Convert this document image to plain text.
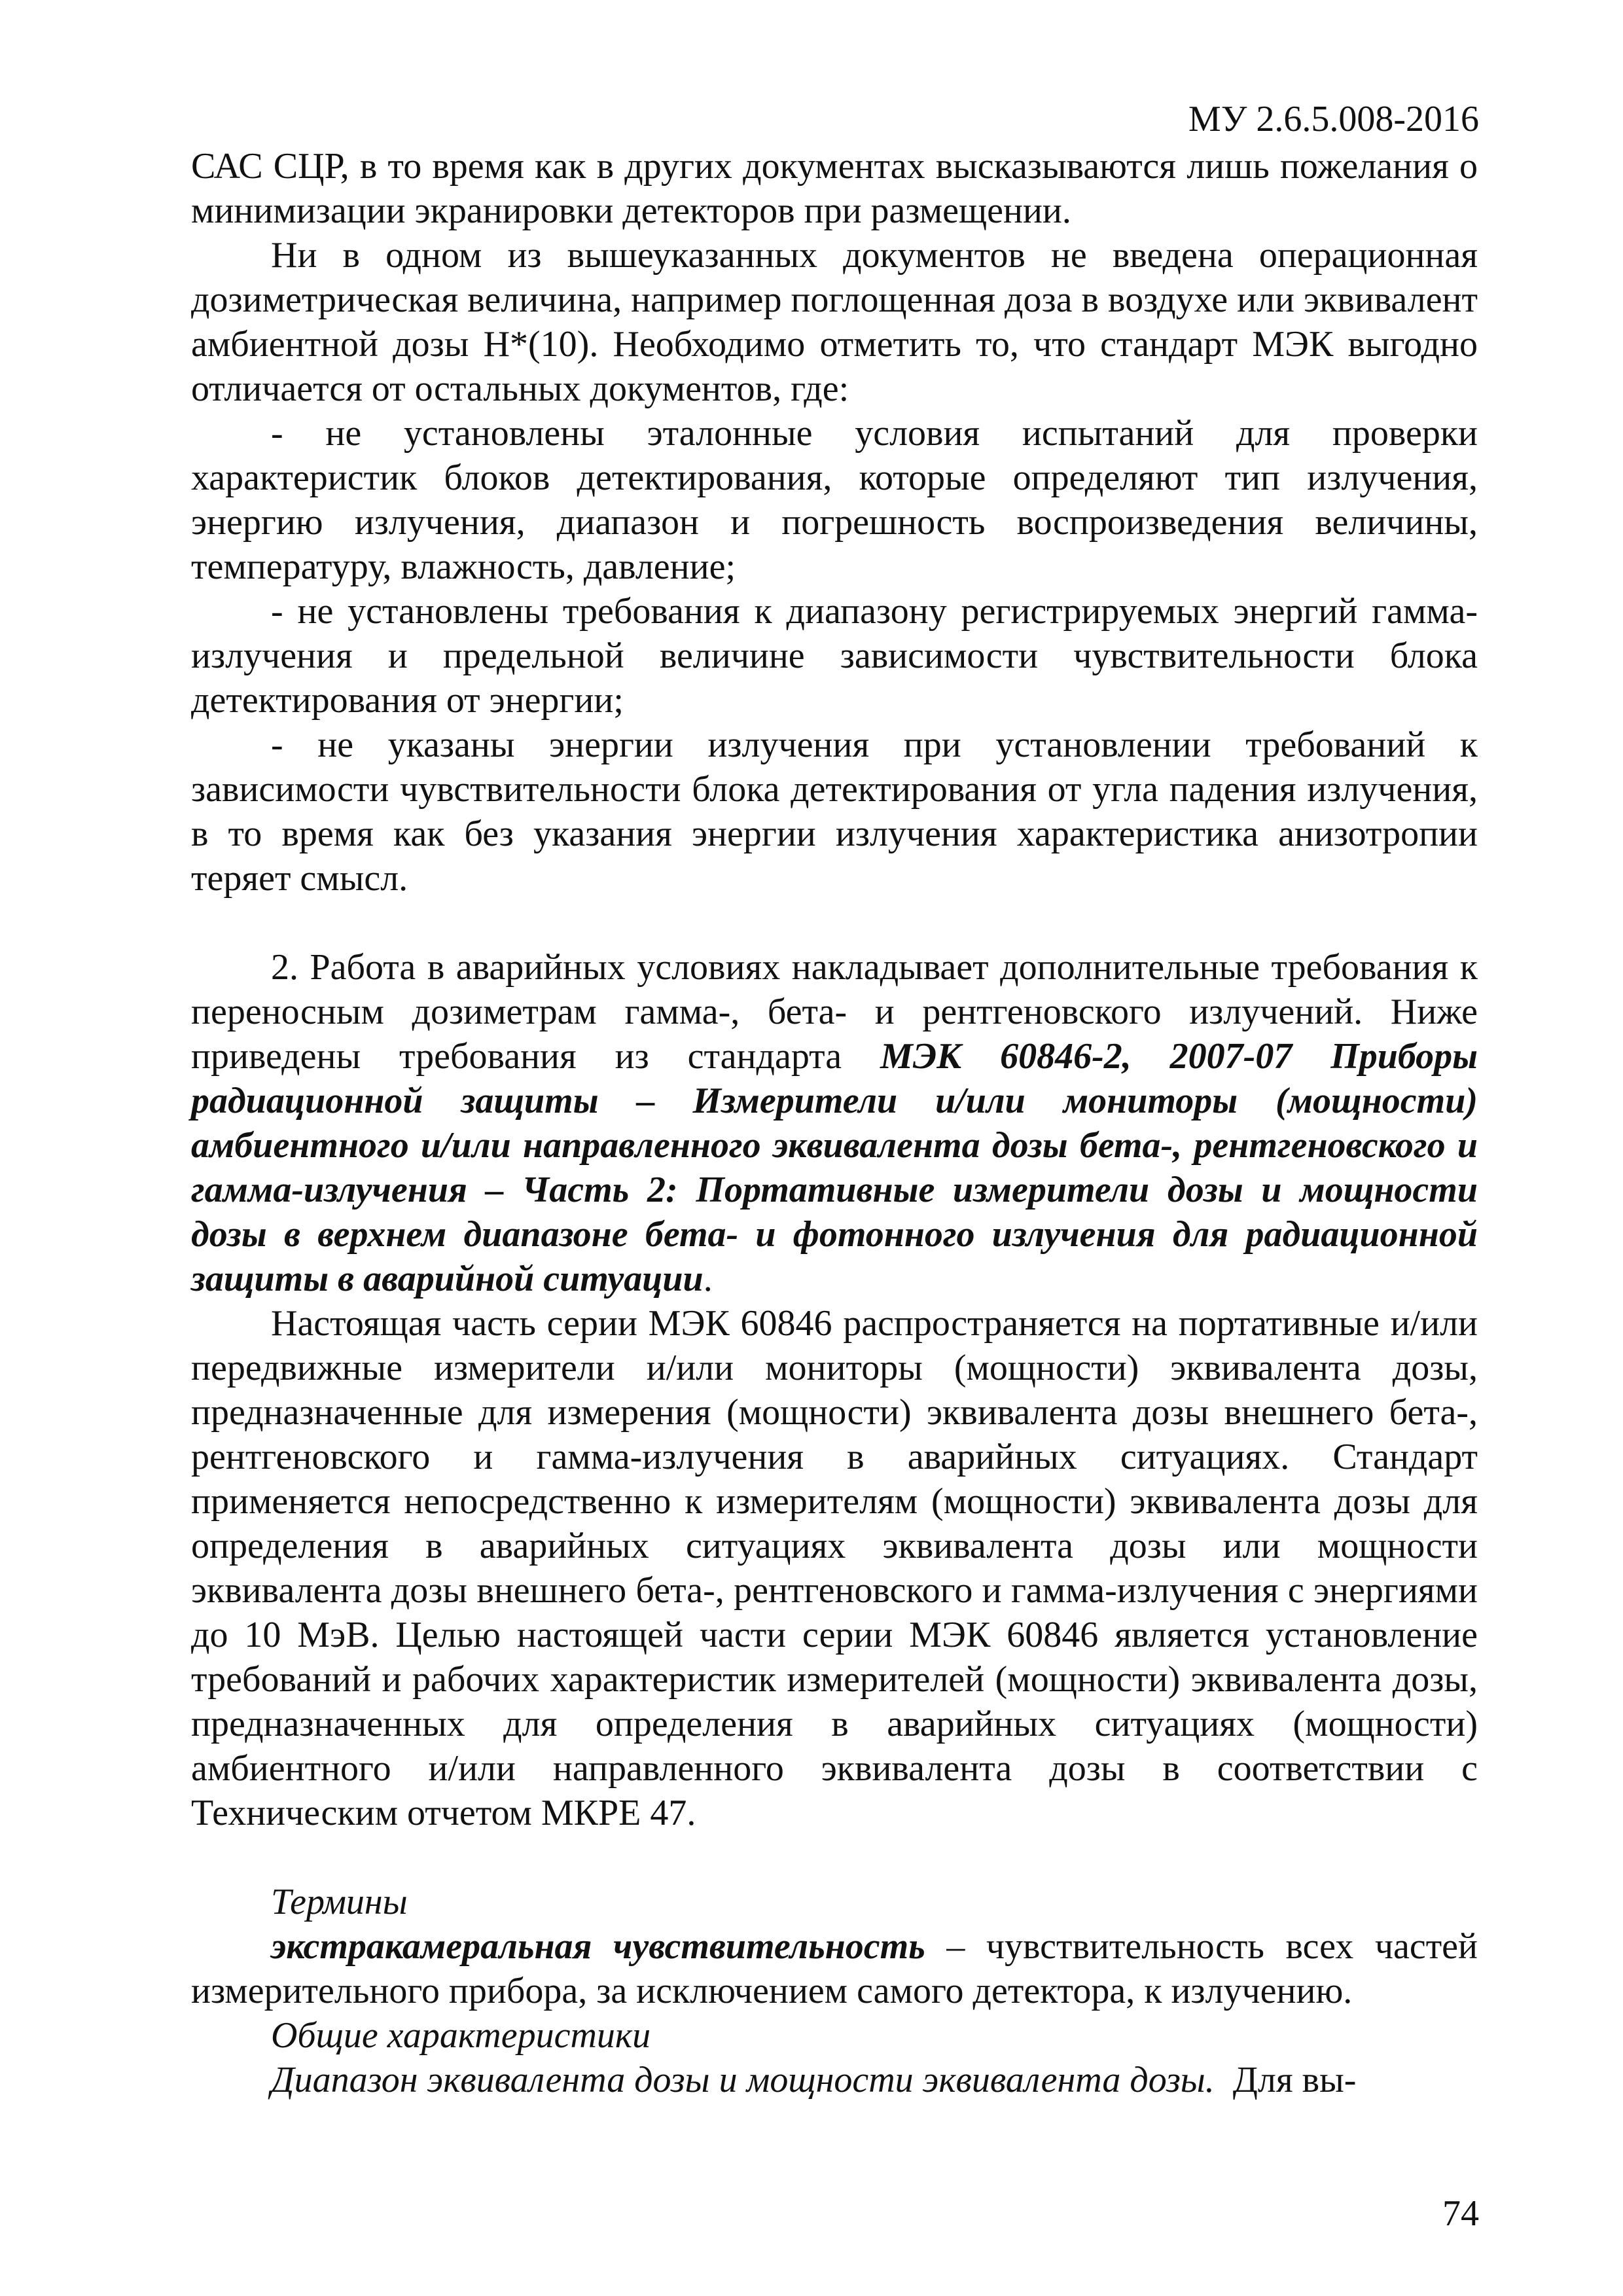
МУ 2.6.5.008-2016

САС СЦР, в то время как в других документах высказываются лишь пожелания о минимизации экранировки детекторов при размещении.

Ни в одном из вышеуказанных документов не введена операционная дозиметрическая величина, например поглощенная доза в воздухе или эквивалент амбиентной дозы H*(10). Необходимо отметить то, что стандарт МЭК выгодно отличается от остальных документов, где:

- не установлены эталонные условия испытаний для проверки характеристик блоков детектирования, которые определяют тип излучения, энергию излучения, диапазон и погрешность воспроизведения величины, температуру, влажность, давление;

- не установлены требования к диапазону регистрируемых энергий гамма-излучения и предельной величине зависимости чувствительности блока детектирования от энергии;

- не указаны энергии излучения при установлении требований к зависимости чувствительности блока детектирования от угла падения излучения, в то время как без указания энергии излучения характеристика анизотропии теряет смысл.

2. Работа в аварийных условиях накладывает дополнительные требования к переносным дозиметрам гамма-, бета- и рентгеновского излучений. Ниже приведены требования из стандарта МЭК 60846-2, 2007-07 Приборы радиационной защиты – Измерители и/или мониторы (мощности) амбиентного и/или направленного эквивалента дозы бета-, рентгеновского и гамма-излучения – Часть 2: Портативные измерители дозы и мощности дозы в верхнем диапазоне бета- и фотонного излучения для радиационной защиты в аварийной ситуации.

Настоящая часть серии МЭК 60846 распространяется на портативные и/или передвижные измерители и/или мониторы (мощности) эквивалента дозы, предназначенные для измерения (мощности) эквивалента дозы внешнего бета-, рентгеновского и гамма-излучения в аварийных ситуациях. Стандарт применяется непосредственно к измерителям (мощности) эквивалента дозы для определения в аварийных ситуациях эквивалента дозы или мощности эквивалента дозы внешнего бета-, рентгеновского и гамма-излучения с энергиями до 10 МэВ. Целью настоящей части серии МЭК 60846 является установление требований и рабочих характеристик измерителей (мощности) эквивалента дозы, предназначенных для определения в аварийных ситуациях (мощности) амбиентного и/или направленного эквивалента дозы в соответствии с Техническим отчетом МКРЕ 47.

Термины

экстракамеральная чувствительность – чувствительность всех частей измерительного прибора, за исключением самого детектора, к излучению.

Общие характеристики

Диапазон эквивалента дозы и мощности эквивалента дозы.  Для вы-

74
